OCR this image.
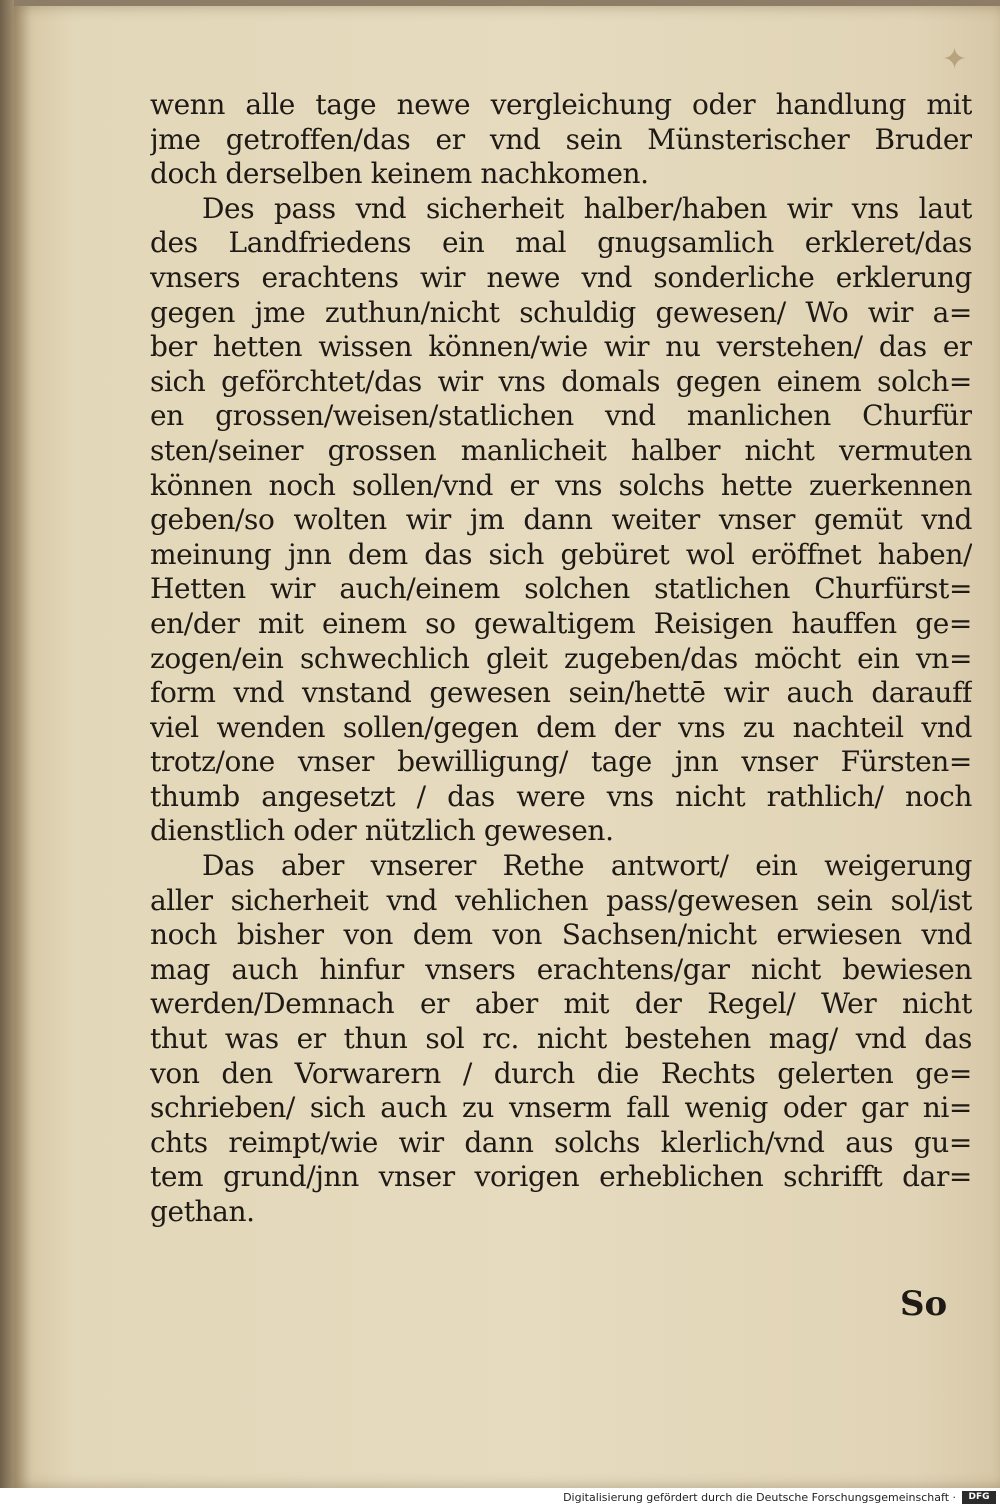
✦
wenn alle tage newe vergleichung oder handlung mit
jme getroffen/das er vnd sein Münsterischer Bruder
doch derselben keinem nachkomen.
Des pass vnd sicherheit halber/haben wir vns laut
des Landfriedens ein mal gnugsamlich erkleret/das
vnsers erachtens wir newe vnd sonderliche erklerung
gegen jme zuthun/nicht schuldig gewesen/ Wo wir a=
ber hetten wissen können/wie wir nu verstehen/ das er
sich geförchtet/das wir vns domals gegen einem solch=
en grossen/weisen/statlichen vnd manlichen Churfür
sten/seiner grossen manlicheit halber nicht vermuten
können noch sollen/vnd er vns solchs hette zuerkennen
geben/so wolten wir jm dann weiter vnser gemüt vnd
meinung jnn dem das sich gebüret wol eröffnet haben/
Hetten wir auch/einem solchen statlichen Churfürst=
en/der mit einem so gewaltigem Reisigen hauffen ge=
zogen/ein schwechlich gleit zugeben/das möcht ein vn=
form vnd vnstand gewesen sein/hettē wir auch darauff
viel wenden sollen/gegen dem der vns zu nachteil vnd
trotz/one vnser bewilligung/ tage jnn vnser Fürsten=
thumb angesetzt / das were vns nicht rathlich/ noch
dienstlich oder nützlich gewesen.
Das aber vnserer Rethe antwort/ ein weigerung
aller sicherheit vnd vehlichen pass/gewesen sein sol/ist
noch bisher von dem von Sachsen/nicht erwiesen vnd
mag auch hinfur vnsers erachtens/gar nicht bewiesen
werden/Demnach er aber mit der Regel/ Wer nicht
thut was er thun sol rc. nicht bestehen mag/ vnd das
von den Vorwarern / durch die Rechts gelerten ge=
schrieben/ sich auch zu vnserm fall wenig oder gar ni=
chts reimpt/wie wir dann solchs klerlich/vnd aus gu=
tem grund/jnn vnser vorigen erheblichen schrifft dar=
gethan.
So
Digitalisierung gefördert durch die Deutsche Forschungsgemeinschaft ·	DFG
